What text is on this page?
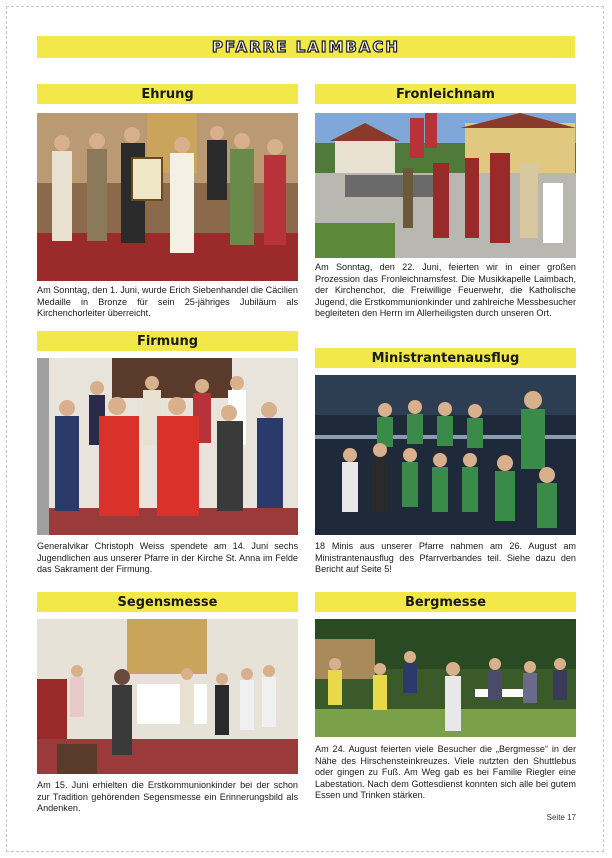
PFARRE LAIMBACH
Ehrung
Am Sonntag, den 1. Juni, wurde Erich Siebenhandel die Cäcilien Medaille in Bronze für sein 25-jähriges Jubiläum als Kirchenchorleiter überreicht.
Fronleichnam
Am Sonntag, den 22. Juni, feierten wir in einer großen Prozession das Fronleichnamsfest. Die Musikkapelle Laimbach, der Kirchenchor, die Freiwillige Feuerwehr, die Katholische Jugend, die Erstkommunionkinder und zahlreiche Messbesucher begleiteten den Herrn im Allerheiligsten durch unseren Ort.
Firmung
Generalvikar Christoph Weiss spendete am 14. Juni sechs Jugendlichen aus unserer Pfarre in der Kirche St. Anna im Felde das Sakrament der Firmung.
Ministrantenausflug
18 Minis aus unserer Pfarre nahmen am 26. August am Ministrantenausflug des Pfarrverbandes teil. Siehe dazu den Bericht auf Seite 5!
Segensmesse
Am 15. Juni erhielten die Erstkommunionkinder bei der schon zur Tradition gehörenden Segensmesse ein Erinnerungsbild als Andenken.
Bergmesse
Am 24. August feierten viele Besucher die „Bergmesse“ in der Nähe des Hirschensteinkreuzes. Viele nutzten den Shuttlebus oder gingen zu Fuß. Am Weg gab es bei Familie Riegler eine Labestation. Nach dem Gottesdienst konnten sich alle bei gutem Essen und Trinken stärken.
Seite 17
